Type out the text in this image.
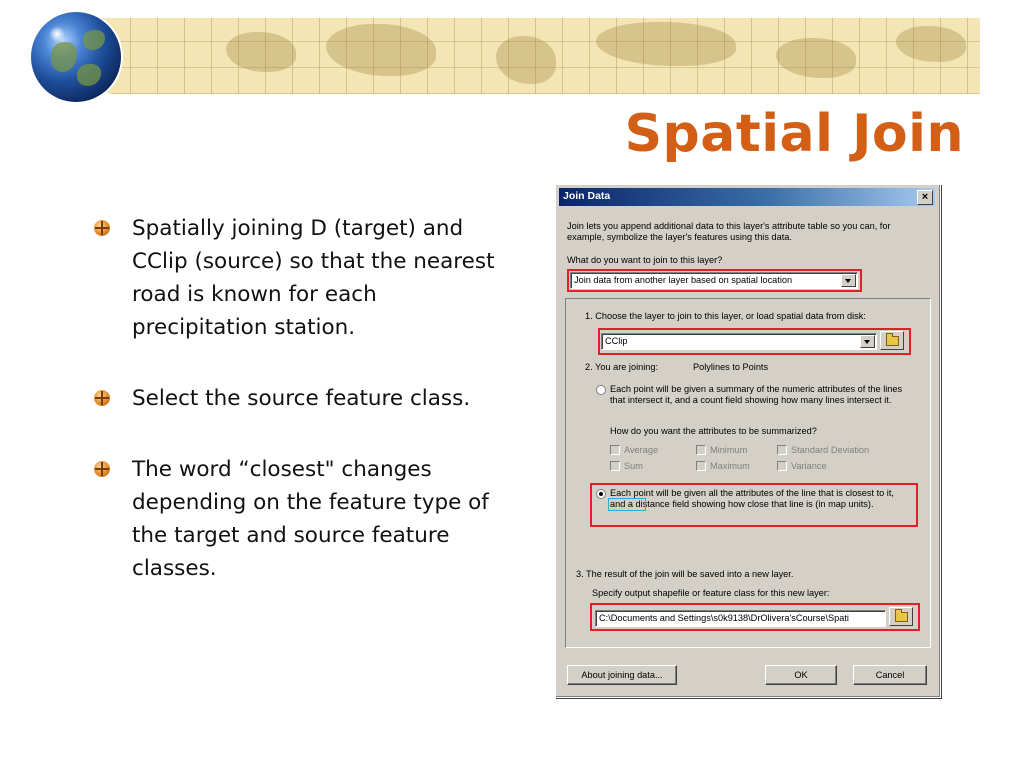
Spatial Join
Spatially joining D (target) and CClip (source) so that the nearest road is known for each precipitation station.
Select the source feature class.
The word “closest" changes depending on the feature type of the target and source feature classes.
Join Data	×
Join lets you append additional data to this layer's attribute table so you can, for example, symbolize the layer's features using this data.
What do you want to join to this layer?
Join data from another layer based on spatial location
1. Choose the layer to join to this layer, or load spatial data from disk:
CClip
2. You are joining:	Polylines to Points
Each point will be given a summary of the numeric attributes of the lines that intersect it, and a count field showing how many lines intersect it.
How do you want the attributes to be summarized?
Average	Minimum	Standard Deviation
Sum	Maximum	Variance
Each point will be given all the attributes of the line that is closest to it, and a distance field showing how close that line is (in map units).
3. The result of the join will be saved into a new layer.
Specify output shapefile or feature class for this new layer:
C:\Documents and Settings\s0k9138\DrOlivera'sCourse\Spati
About joining data...	OK	Cancel
